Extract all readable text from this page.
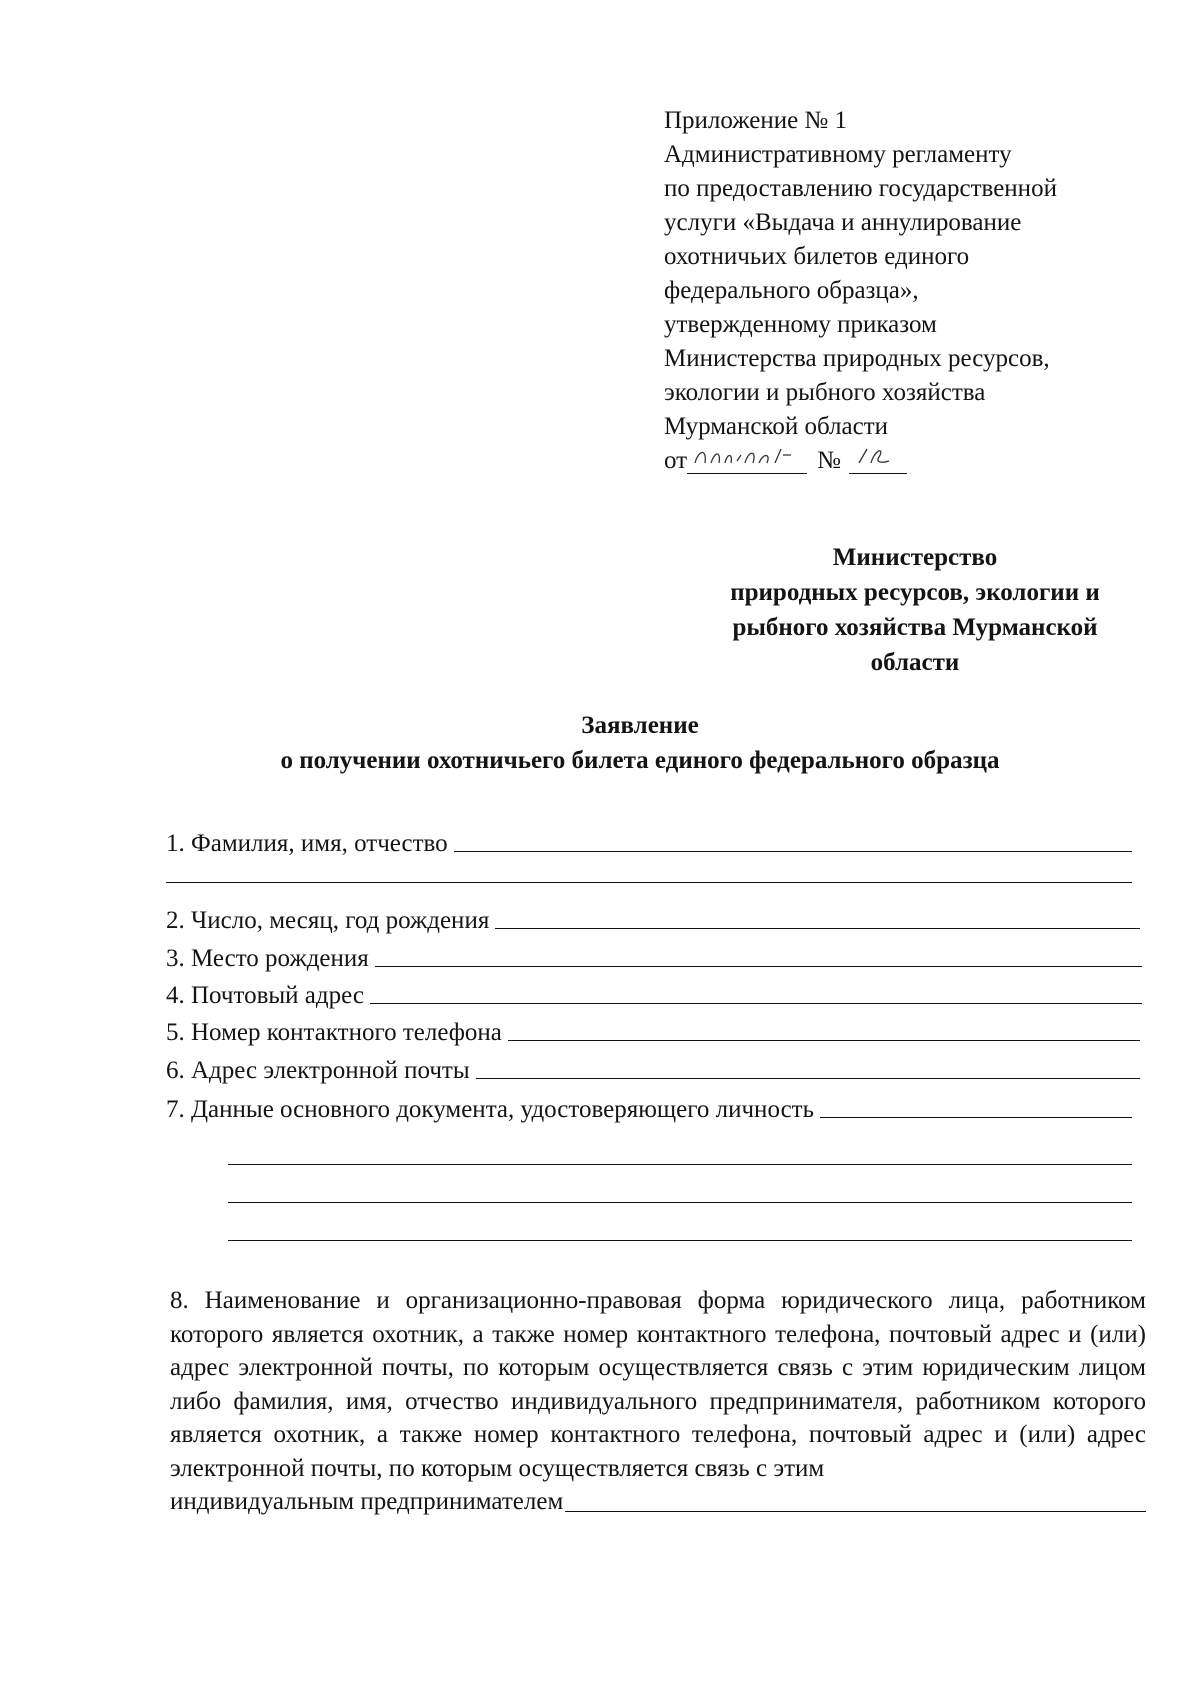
Приложение № 1
Административному регламенту
по предоставлению государственной
услуги «Выдача и аннулирование
охотничьих билетов единого
федерального образца»,
утвержденному приказом
Министерства природных ресурсов,
экологии и рыбного хозяйства
Мурманской области
от	№
Министерство
природных ресурсов, экологии и
рыбного хозяйства Мурманской
области
Заявление
о получении охотничьего билета единого федерального образца
1. Фамилия, имя, отчество
2. Число, месяц, год рождения
3. Место рождения
4. Почтовый адрес
5. Номер контактного телефона
6. Адрес электронной почты
7. Данные основного документа, удостоверяющего личность
8. Наименование и организационно-правовая форма юридического лица, работником которого является охотник, а также номер контактного телефона, почтовый адрес и (или) адрес электронной почты, по которым осуществляется связь с этим юридическим лицом либо фамилия, имя, отчество индивидуального предпринимателя, работником которого является охотник, а также номер контактного телефона, почтовый адрес и (или) адрес электронной почты, по которым осуществляется связь с этим
индивидуальным предпринимателем
